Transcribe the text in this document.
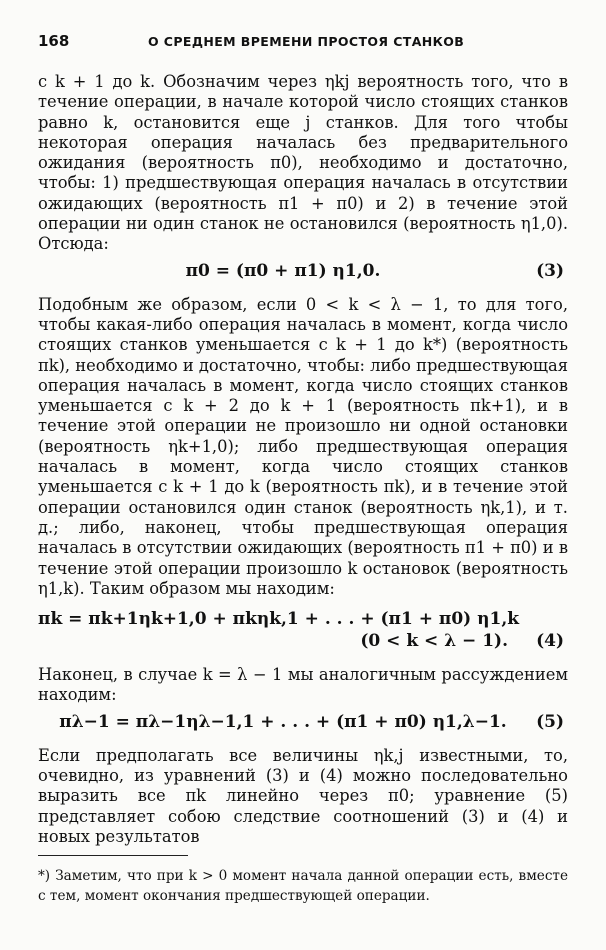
168	О СРЕДНЕМ ВРЕМЕНИ ПРОСТОЯ СТАНКОВ

с k + 1 до k. Обозначим через ηkj вероятность того, что в течение операции, в начале которой число стоящих станков равно k, остановится еще j станков. Для того чтобы некоторая операция началась без предварительного ожидания (вероятность π0), необходимо и достаточно, чтобы: 1) предшествующая операция началась в отсутствии ожидающих (вероятность π1 + π0) и 2) в течение этой операции ни один станок не остановился (вероятность η1,0). Отсюда:

π0 = (π0 + π1) η1,0.	(3)

Подобным же образом, если 0 < k < λ − 1, то для того, чтобы какая-либо операция началась в момент, когда число стоящих станков уменьшается с k + 1 до k*) (вероятность πk), необходимо и достаточно, чтобы: либо предшествующая операция началась в момент, когда число стоящих станков уменьшается с k + 2 до k + 1 (вероятность πk+1), и в течение этой операции не произошло ни одной остановки (вероятность ηk+1,0); либо предшествующая операция началась в момент, когда число стоящих станков уменьшается с k + 1 до k (вероятность πk), и в течение этой операции остановился один станок (вероятность ηk,1), и т. д.; либо, наконец, чтобы предшествующая операция началась в отсутствии ожидающих (вероятность π1 + π0) и в течение этой операции произошло k остановок (вероятность η1,k). Таким образом мы находим:

πk = πk+1ηk+1,0 + πkηk,1 + . . . + (π1 + π0) η1,k
(0 < k < λ − 1). (4)

Наконец, в случае k = λ − 1 мы аналогичным рассуждением находим:

πλ−1 = πλ−1ηλ−1,1 + . . . + (π1 + π0) η1,λ−1.	(5)

Если предполагать все величины ηk,j известными, то, очевидно, из уравнений (3) и (4) можно последовательно выразить все πk линейно через π0; уравнение (5) представляет собою следствие соотношений (3) и (4) и новых результатов

*) Заметим, что при k > 0 момент начала данной операции есть, вместе с тем, момент окончания предшествующей операции.
